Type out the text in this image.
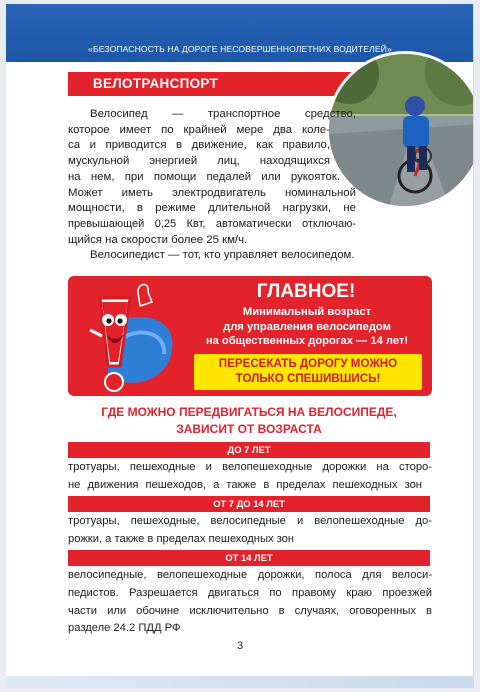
«БЕЗОПАСНОСТЬ НА ДОРОГЕ НЕСОВЕРШЕННОЛЕТНИХ ВОДИТЕЛЕЙ»
ВЕЛОТРАНСПОРТ
Велосипед — транспортное средство,
которое имеет по крайней мере два коле-
са и приводится в движение, как правило,
мускульной энергией лиц, находящихся
на нем, при помощи педалей или рукояток.
Может иметь электродвигатель номинальной
мощности, в режиме длительной нагрузки, не
превышающей 0,25 Квт, автоматически отключаю-
щийся на скорости более 25 км/ч.
Велосипедист — тот, кто управляет велосипедом.
ГЛАВНОЕ!
Минимальный возраст
для управления велосипедом
на общественных дорогах — 14 лет!
ПЕРЕСЕКАТЬ ДОРОГУ МОЖНО
ТОЛЬКО СПЕШИВШИСЬ!
ГДЕ МОЖНО ПЕРЕДВИГАТЬСЯ НА ВЕЛОСИПЕДЕ,
ЗАВИСИТ ОТ ВОЗРАСТА
ДО 7 ЛЕТ
тротуары, пешеходные и велопешеходные дорожки на сторо-
не движения пешеходов, а также в пределах пешеходных зон
ОТ 7 ДО 14 ЛЕТ
тротуары, пешеходные, велосипедные и велопешеходные до-
рожки, а также в пределах пешеходных зон
ОТ 14 ЛЕТ
велосипедные, велопешеходные дорожки, полоса для велоси-
педистов. Разрешается двигаться по правому краю проезжей
части или обочине исключительно в случаях, оговоренных в
разделе 24.2 ПДД РФ
3
